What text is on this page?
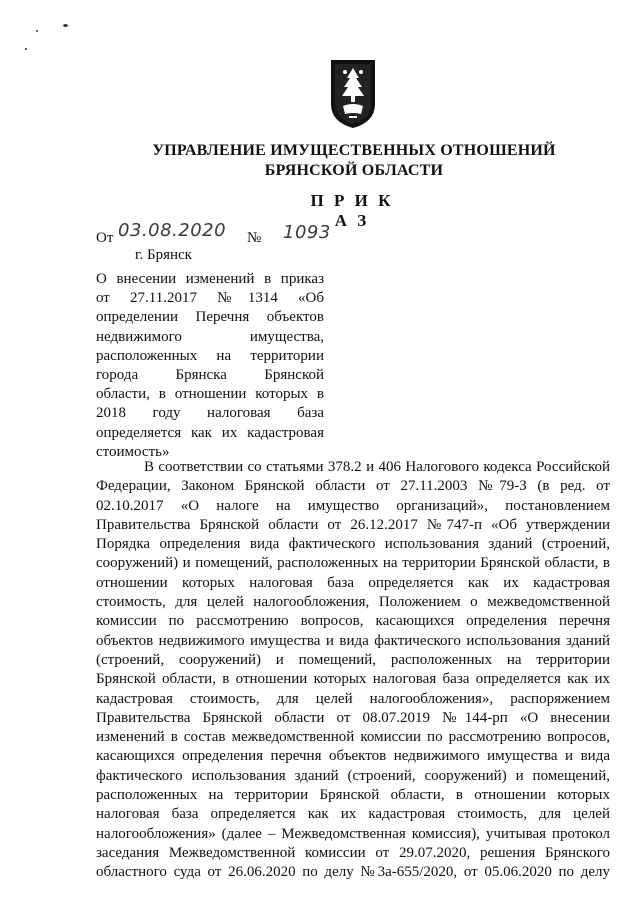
УПРАВЛЕНИЕ ИМУЩЕСТВЕННЫХ ОТНОШЕНИЙ
БРЯНСКОЙ ОБЛАСТИ
П Р И К А З
От 03.08.2020 № 1093
г. Брянск
О внесении изменений в приказ
от 27.11.2017 №1314 «Об
определении Перечня объектов
недвижимого имущества,
расположенных на территории
города Брянска Брянской
области, в отношении которых в
2018 году налоговая база
определяется как их кадастровая
стоимость»
В соответствии со статьями 378.2 и 406 Налогового кодекса Российской
Федерации, Законом Брянской области от 27.11.2003 №79-З (в ред. от
02.10.2017 «О налоге на имущество организаций», постановлением
Правительства Брянской области от 26.12.2017 №747-п «Об утверждении
Порядка определения вида фактического использования зданий (строений,
сооружений) и помещений, расположенных на территории Брянской области, в
отношении которых налоговая база определяется как их кадастровая
стоимость, для целей налогообложения, Положением о межведомственной
комиссии по рассмотрению вопросов, касающихся определения перечня
объектов недвижимого имущества и вида фактического использования зданий
(строений, сооружений) и помещений, расположенных на территории
Брянской области, в отношении которых налоговая база определяется как их
кадастровая стоимость, для целей налогообложения», распоряжением
Правительства Брянской области от 08.07.2019 №144-рп «О внесении
изменений в состав межведомственной комиссии по рассмотрению вопросов,
касающихся определения перечня объектов недвижимого имущества и вида
фактического использования зданий (строений, сооружений) и помещений,
расположенных на территории Брянской области, в отношении которых
налоговая база определяется как их кадастровая стоимость, для целей
налогообложения» (далее – Межведомственная комиссия), учитывая протокол
заседания Межведомственной комиссии от 29.07.2020, решения Брянского
областного суда от 26.06.2020 по делу №3а-655/2020, от 05.06.2020 по делу
